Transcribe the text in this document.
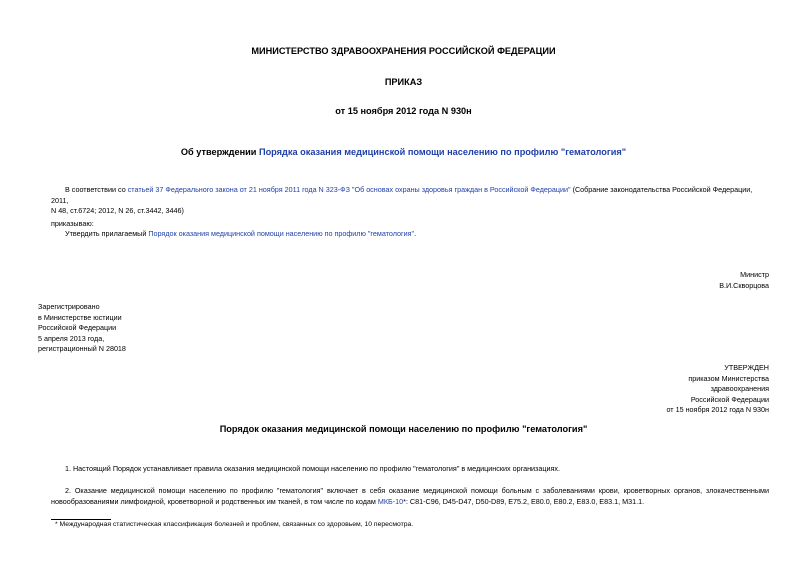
МИНИСТЕРСТВО ЗДРАВООХРАНЕНИЯ РОССИЙСКОЙ ФЕДЕРАЦИИ
ПРИКАЗ
от 15 ноября 2012 года N 930н
Об утверждении Порядка оказания медицинской помощи населению по профилю "гематология"
В соответствии со статьей 37 Федерального закона от 21 ноября 2011 года N 323-ФЗ "Об основах охраны здоровья граждан в Российской Федерации" (Собрание законодательства Российской Федерации, 2011,
N 48, ст.6724; 2012, N 26, ст.3442, 3446)
приказываю:
Утвердить прилагаемый Порядок оказания медицинской помощи населению по профилю "гематология".
Министр
В.И.Скворцова
Зарегистрировано
в Министерстве юстиции
Российской Федерации
5 апреля 2013 года,
регистрационный N 28018
УТВЕРЖДЕН
приказом Министерства
здравоохранения
Российской Федерации
от 15 ноября 2012 года N 930н
Порядок оказания медицинской помощи населению по профилю "гематология"
1. Настоящий Порядок устанавливает правила оказания медицинской помощи населению по профилю "гематология" в медицинских организациях.
2. Оказание медицинской помощи населению по профилю "гематология" включает в себя оказание медицинской помощи больным с заболеваниями крови, кроветворных органов, злокачественными
новообразованиями лимфоидной, кроветворной и родственных им тканей, в том числе по кодам МКБ-10*: C81-C96, D45-D47, D50-D89, E75.2, E80.0, E80.2, E83.0, E83.1, M31.1.
* Международная статистическая классификация болезней и проблем, связанных со здоровьем, 10 пересмотра.
